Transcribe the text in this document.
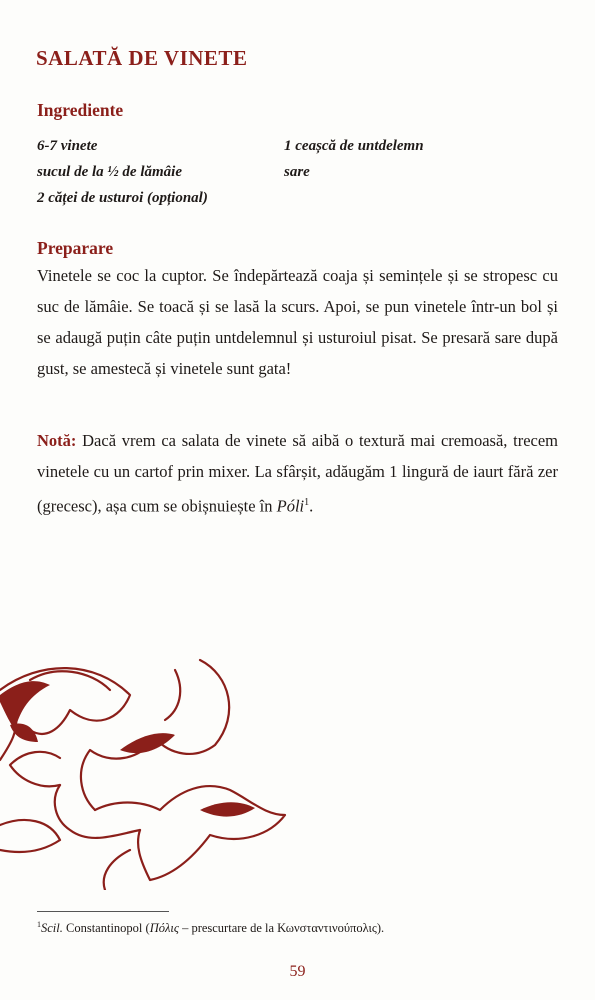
SALATĂ DE VINETE
Ingrediente
6-7 vinete
sucul de la ½ de lămâie
2 căței de usturoi (opțional)
1 ceașcă de untdelemn
sare
Preparare

Vinetele se coc la cuptor. Se îndepărtează coaja și semințele și se stropesc cu suc de lămâie. Se toacă și se lasă la scurs. Apoi, se pun vinetele într-un bol și se adaugă puțin câte puțin untdelemnul și usturoiul pisat. Se presară sare după gust, se amestecă și vinetele sunt gata!

Notă: Dacă vrem ca salata de vinete să aibă o textură mai cremoasă, trecem vinetele cu un cartof prin mixer. La sfârșit, adăugăm 1 lingură de iaurt fără zer (grecesc), așa cum se obișnuiește în Póli$^1$.

$^1$Scil. Constantinopol (Πόλις – prescurtare de la Κωνσταντινούπολις).

59
